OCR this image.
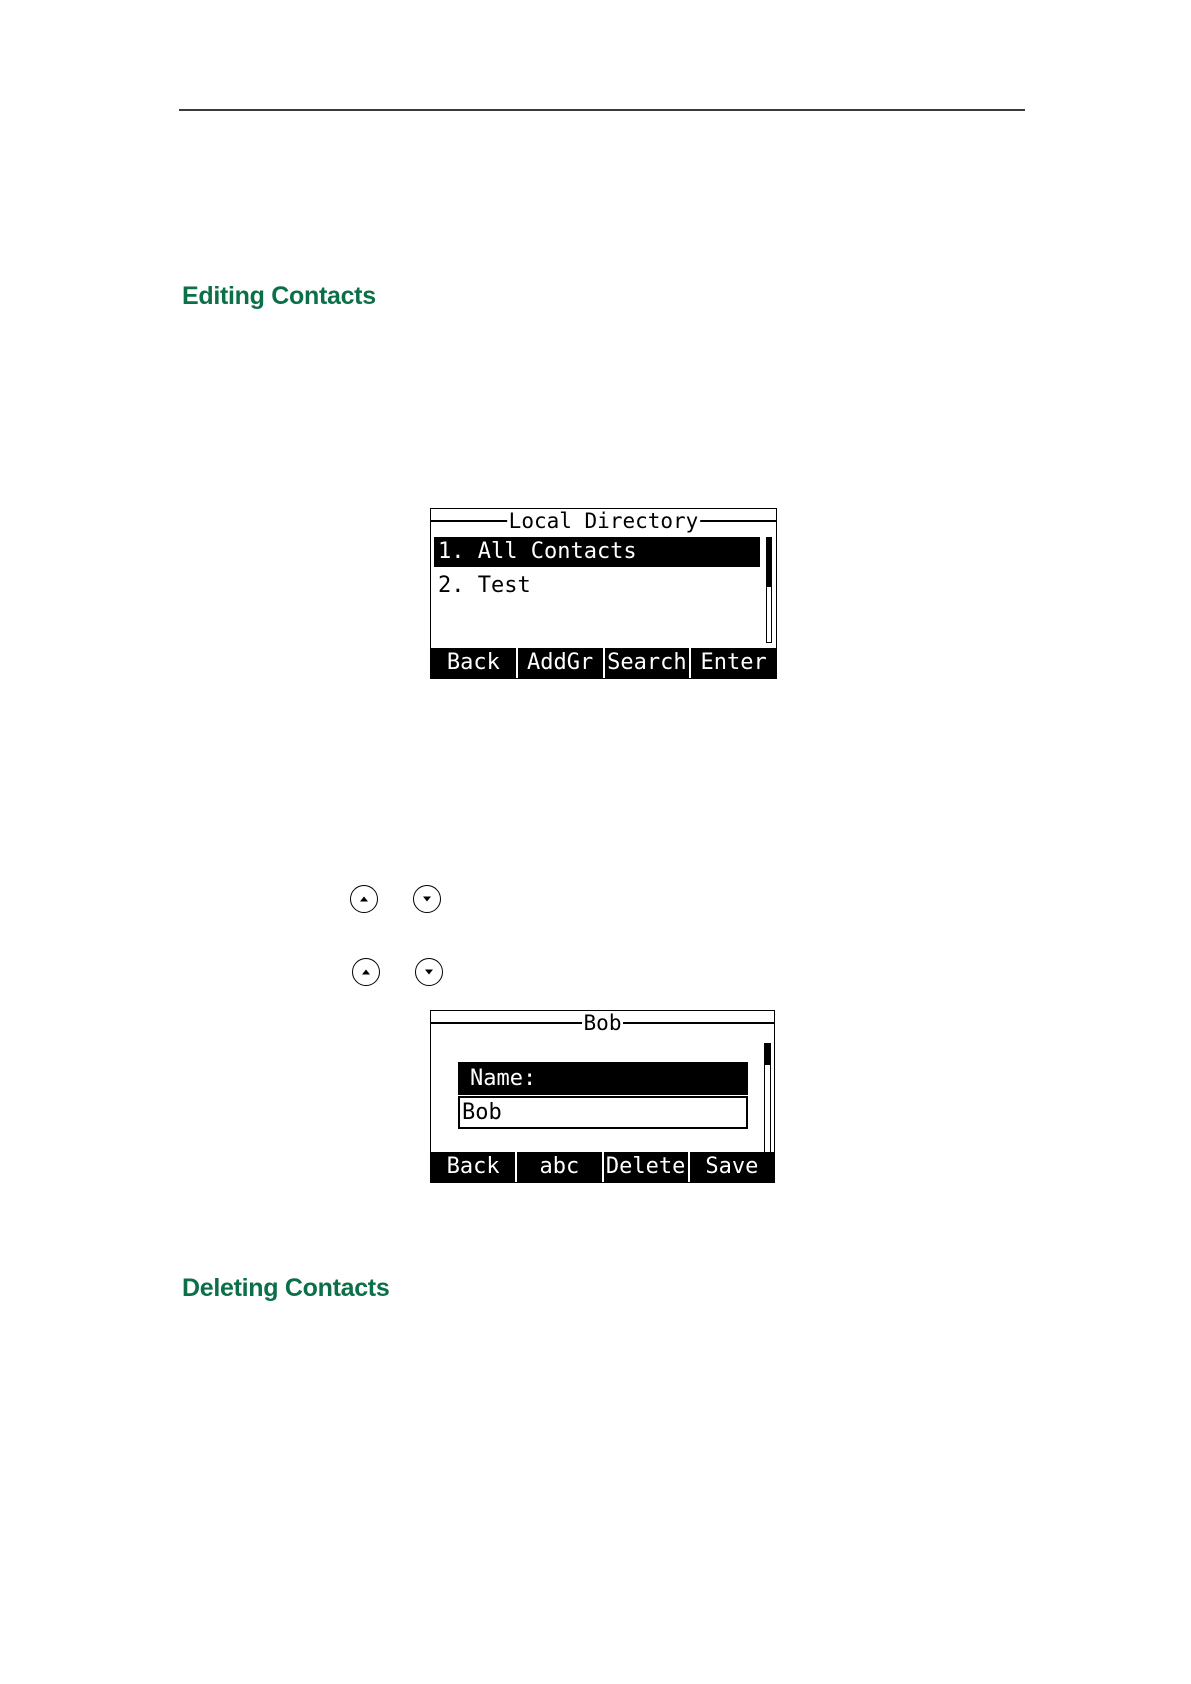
Editing Contacts
Local Directory
1. All Contacts
2. Test
Back	AddGr Search Enter
Bob
Name:
Bob
Back	abc	Delete Save
Deleting Contacts
